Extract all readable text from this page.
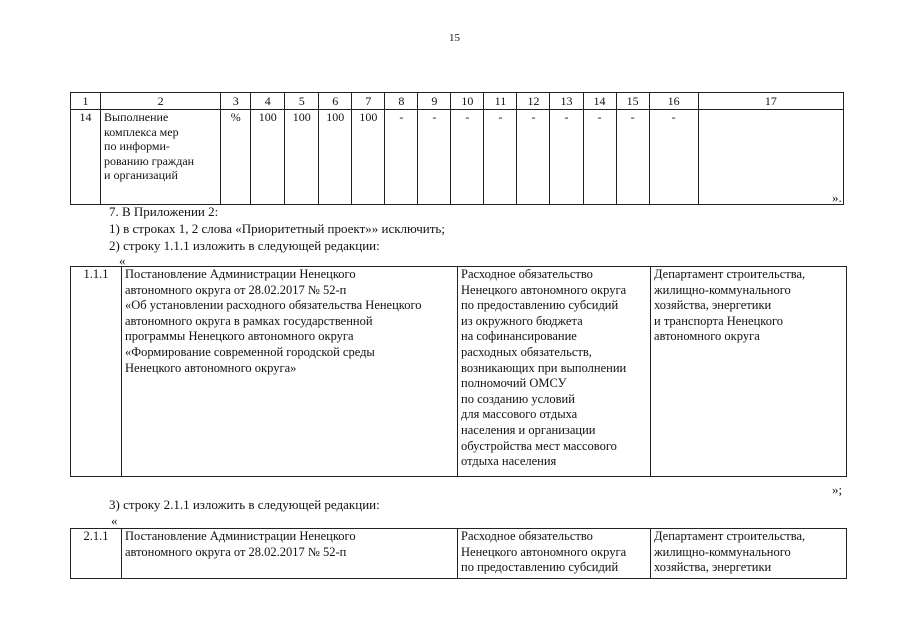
15
1	2	3	4	5	6	7	8	9	10	11	12	13	14	15	16	17
14	Выполнение
комплекса мер
по информи-
рованию граждан
и организаций	%	100	100	100	100	-	-	-	-	-	-	-	-	-	
».
7. В Приложении 2:
1) в строках 1, 2 слова «Приоритетный проект»» исключить;
2) строку 1.1.1 изложить в следующей редакции:
«
1.1.1	Постановление Администрации Ненецкого
автономного округа от 28.02.2017 № 52-п
«Об установлении расходного обязательства Ненецкого
автономного округа в рамках государственной
программы Ненецкого автономного округа
«Формирование современной городской среды
Ненецкого автономного округа»	Расходное обязательство
Ненецкого автономного округа
по предоставлению субсидий
из окружного бюджета
на софинансирование
расходных обязательств,
возникающих при выполнении
полномочий ОМСУ
по созданию условий
для массового отдыха
населения и организации
обустройства мест массового
отдыха населения	Департамент строительства,
жилищно-коммунального
хозяйства, энергетики
и транспорта Ненецкого
автономного округа
»;
3) строку 2.1.1 изложить в следующей редакции:
«
2.1.1	Постановление Администрации Ненецкого
автономного округа от 28.02.2017 № 52-п	Расходное обязательство
Ненецкого автономного округа
по предоставлению субсидий	Департамент строительства,
жилищно-коммунального
хозяйства, энергетики
